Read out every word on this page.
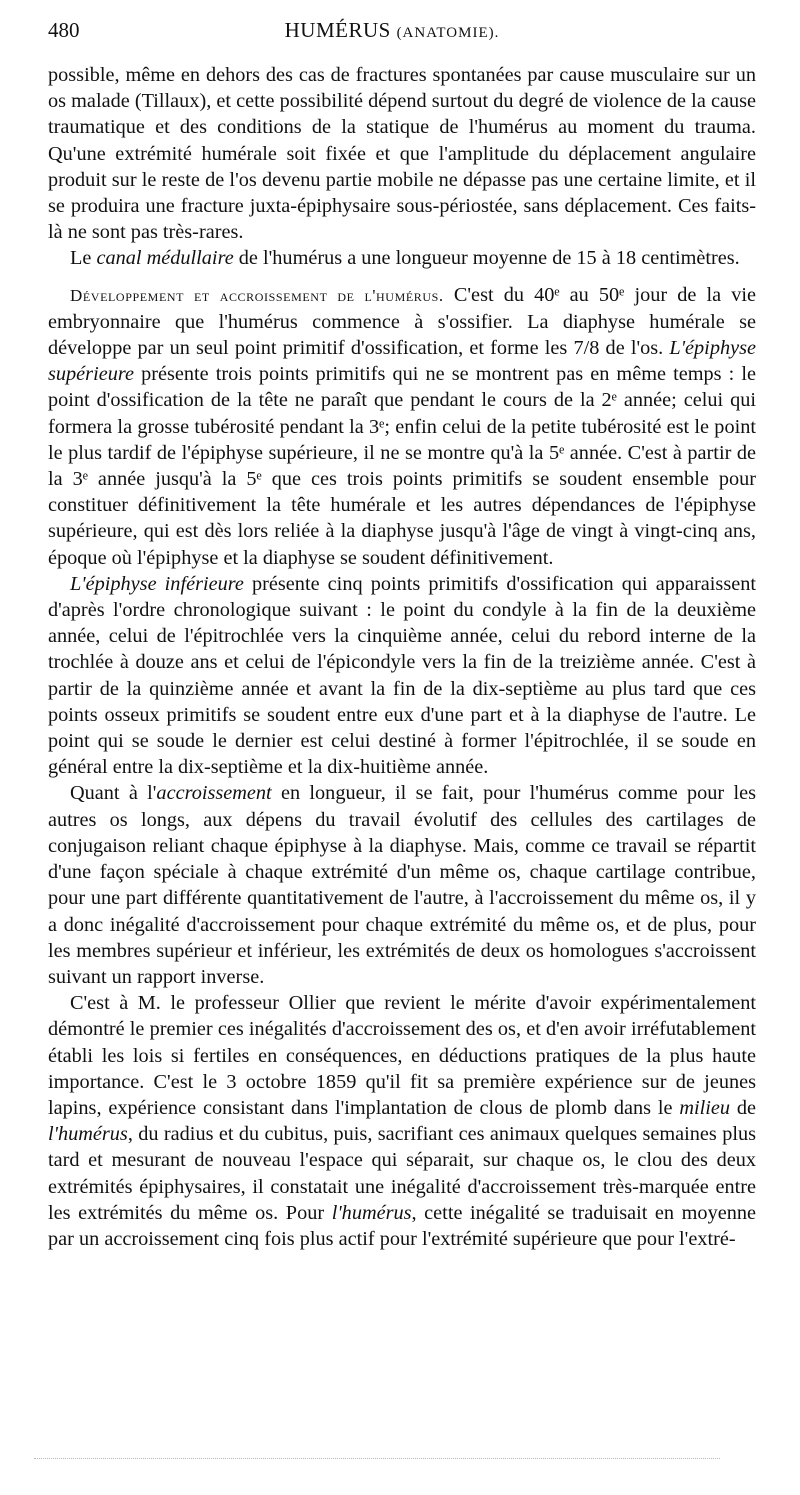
480	HUMÉRUS (ANATOMIE).

possible, même en dehors des cas de fractures spontanées par cause musculaire sur un os malade (Tillaux), et cette possibilité dépend surtout du degré de violence de la cause traumatique et des conditions de la statique de l'humérus au moment du trauma. Qu'une extrémité humérale soit fixée et que l'amplitude du déplacement angulaire produit sur le reste de l'os devenu partie mobile ne dépasse pas une certaine limite, et il se produira une fracture juxta-épiphysaire sous-périostée, sans déplacement. Ces faits-là ne sont pas très-rares.

Le canal médullaire de l'humérus a une longueur moyenne de 15 à 18 centimètres.

Développement et accroissement de l'humérus. C'est du 40ᵉ au 50ᵉ jour de la vie embryonnaire que l'humérus commence à s'ossifier. La diaphyse humérale se développe par un seul point primitif d'ossification, et forme les 7/8 de l'os. L'épiphyse supérieure présente trois points primitifs qui ne se montrent pas en même temps : le point d'ossification de la tête ne paraît que pendant le cours de la 2ᵉ année; celui qui formera la grosse tubérosité pendant la 3ᵉ; enfin celui de la petite tubérosité est le point le plus tardif de l'épiphyse supérieure, il ne se montre qu'à la 5ᵉ année. C'est à partir de la 3ᵉ année jusqu'à la 5ᵉ que ces trois points primitifs se soudent ensemble pour constituer définitivement la tête humérale et les autres dépendances de l'épiphyse supérieure, qui est dès lors reliée à la diaphyse jusqu'à l'âge de vingt à vingt-cinq ans, époque où l'épiphyse et la diaphyse se soudent définitivement.

L'épiphyse inférieure présente cinq points primitifs d'ossification qui apparaissent d'après l'ordre chronologique suivant : le point du condyle à la fin de la deuxième année, celui de l'épitrochlée vers la cinquième année, celui du rebord interne de la trochlée à douze ans et celui de l'épicondyle vers la fin de la treizième année. C'est à partir de la quinzième année et avant la fin de la dix-septième au plus tard que ces points osseux primitifs se soudent entre eux d'une part et à la diaphyse de l'autre. Le point qui se soude le dernier est celui destiné à former l'épitrochlée, il se soude en général entre la dix-septième et la dix-huitième année.

Quant à l'accroissement en longueur, il se fait, pour l'humérus comme pour les autres os longs, aux dépens du travail évolutif des cellules des cartilages de conjugaison reliant chaque épiphyse à la diaphyse. Mais, comme ce travail se répartit d'une façon spéciale à chaque extrémité d'un même os, chaque cartilage contribue, pour une part différente quantitativement de l'autre, à l'accroissement du même os, il y a donc inégalité d'accroissement pour chaque extrémité du même os, et de plus, pour les membres supérieur et inférieur, les extrémités de deux os homologues s'accroissent suivant un rapport inverse.

C'est à M. le professeur Ollier que revient le mérite d'avoir expérimentalement démontré le premier ces inégalités d'accroissement des os, et d'en avoir irréfutablement établi les lois si fertiles en conséquences, en déductions pratiques de la plus haute importance. C'est le 3 octobre 1859 qu'il fit sa première expérience sur de jeunes lapins, expérience consistant dans l'implantation de clous de plomb dans le milieu de l'humérus, du radius et du cubitus, puis, sacrifiant ces animaux quelques semaines plus tard et mesurant de nouveau l'espace qui séparait, sur chaque os, le clou des deux extrémités épiphysaires, il constatait une inégalité d'accroissement très-marquée entre les extrémités du même os. Pour l'humérus, cette inégalité se traduisait en moyenne par un accroissement cinq fois plus actif pour l'extrémité supérieure que pour l'extré-
